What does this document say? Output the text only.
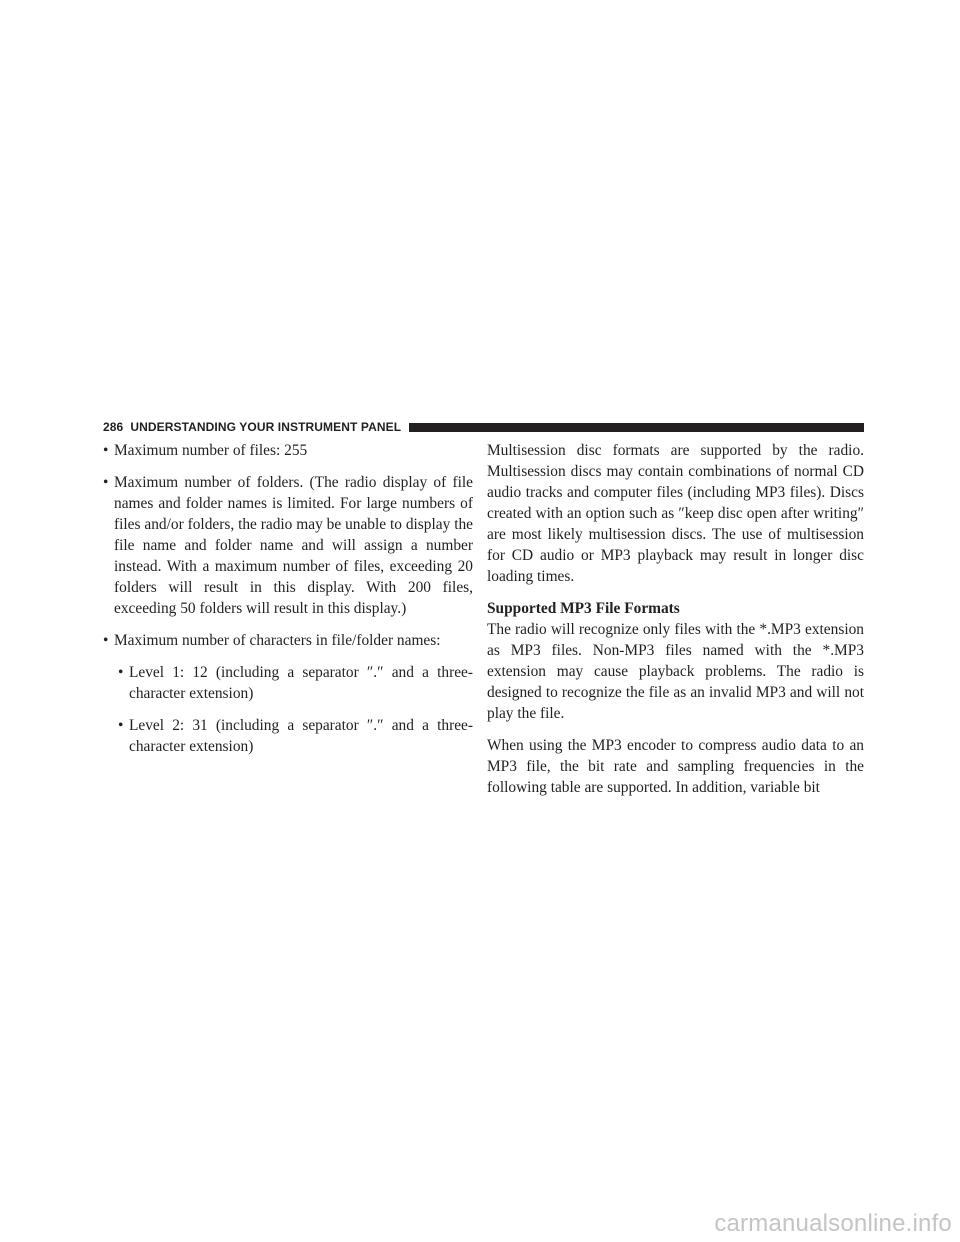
286 UNDERSTANDING YOUR INSTRUMENT PANEL
• Maximum number of files: 255
• Maximum number of folders. (The radio display of file names and folder names is limited. For large numbers of files and/or folders, the radio may be unable to display the file name and folder name and will assign a number instead. With a maximum number of files, exceeding 20 folders will result in this display. With 200 files, exceeding 50 folders will result in this display.)
• Maximum number of characters in file/folder names:
• Level 1: 12 (including a separator ″.″ and a three-character extension)
• Level 2: 31 (including a separator ″.″ and a three-character extension)

Multisession disc formats are supported by the radio. Multisession discs may contain combinations of normal CD audio tracks and computer files (including MP3 files). Discs created with an option such as ″keep disc open after writing″ are most likely multisession discs. The use of multisession for CD audio or MP3 playback may result in longer disc loading times.

Supported MP3 File Formats

The radio will recognize only files with the *.MP3 extension as MP3 files. Non-MP3 files named with the *.MP3 extension may cause playback problems. The radio is designed to recognize the file as an invalid MP3 and will not play the file.

When using the MP3 encoder to compress audio data to an MP3 file, the bit rate and sampling frequencies in the following table are supported. In addition, variable bit

carmanualsonline.info
